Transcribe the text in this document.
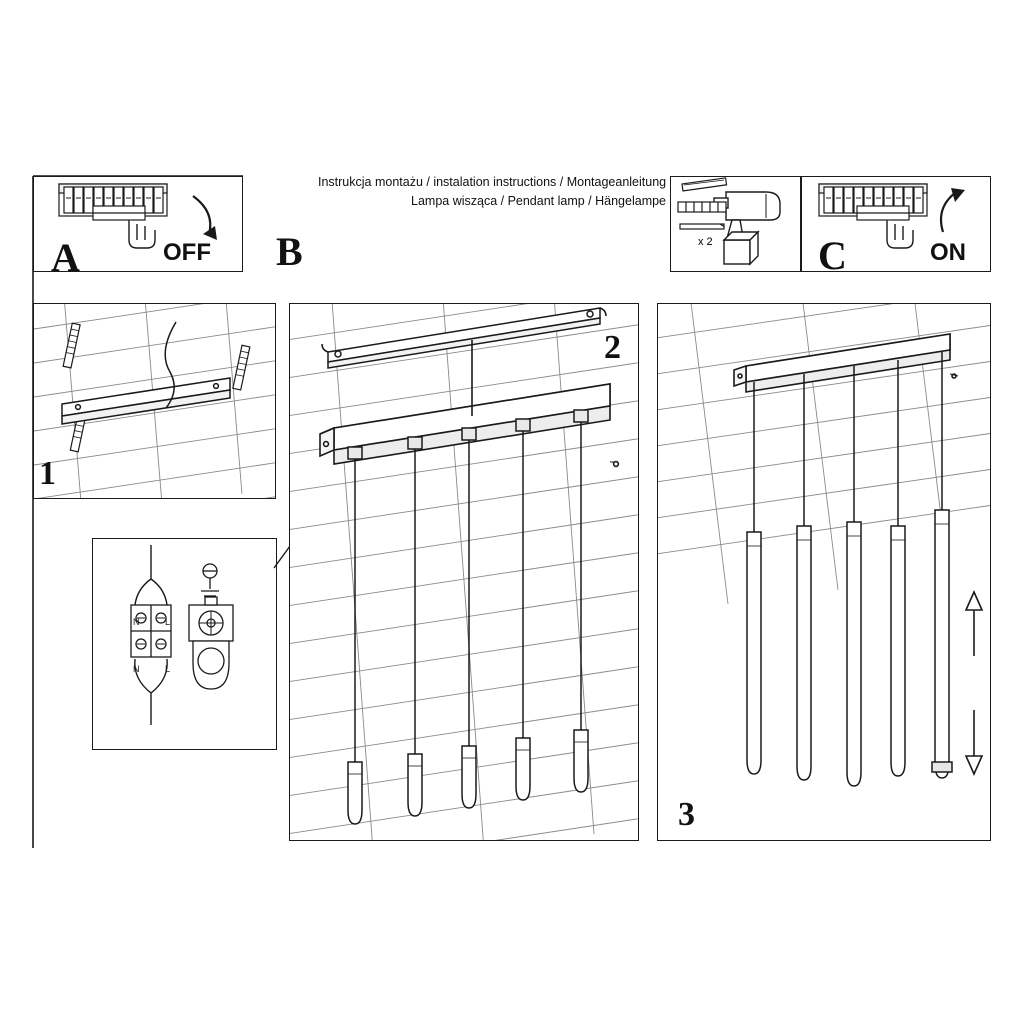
A	OFF B
Instrukcja montażu / instalation instructions / Montageanleitung
Lampa wisząca / Pendant lamp / Hängelampe
x 2	C	ON
1
N	L
N	L
2
3
